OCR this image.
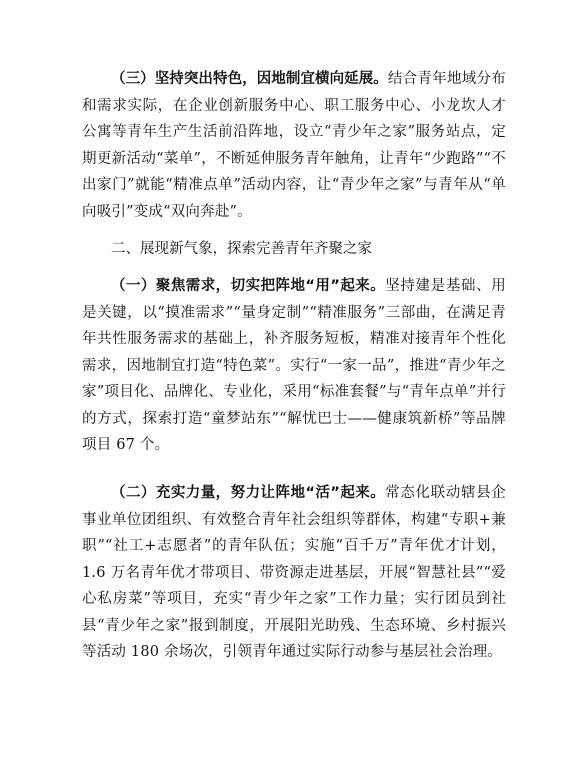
（三）坚持突出特色，因地制宜横向延展。结合青年地域分布和需求实际，在企业创新服务中心、职工服务中心、小龙坎人才公寓等青年生产生活前沿阵地，设立“青少年之家”服务站点，定期更新活动“菜单”，不断延伸服务青年触角，让青年“少跑路”“不出家门”就能“精准点单”活动内容，让“青少年之家”与青年从“单向吸引”变成“双向奔赴”。

二、展现新气象，探索完善青年齐聚之家

（一）聚焦需求，切实把阵地“用”起来。坚持建是基础、用是关键，以“摸准需求”“量身定制”“精准服务”三部曲，在满足青年共性服务需求的基础上，补齐服务短板，精准对接青年个性化需求，因地制宜打造“特色菜”。实行“一家一品”，推进“青少年之家”项目化、品牌化、专业化，采用“标准套餐”与“青年点单”并行的方式，探索打造“童梦站东”“解忧巴士——健康筑新桥”等品牌项目 67 个。

（二）充实力量，努力让阵地“活”起来。常态化联动辖县企事业单位团组织、有效整合青年社会组织等群体，构建“专职+兼职”“社工+志愿者”的青年队伍；实施“百千万”青年优才计划，1.6 万名青年优才带项目、带资源走进基层，开展“智慧社县”“爱心私房菜”等项目，充实“青少年之家”工作力量；实行团员到社县“青少年之家”报到制度，开展阳光助残、生态环境、乡村振兴等活动 180 余场次，引领青年通过实际行动参与基层社会治理。
